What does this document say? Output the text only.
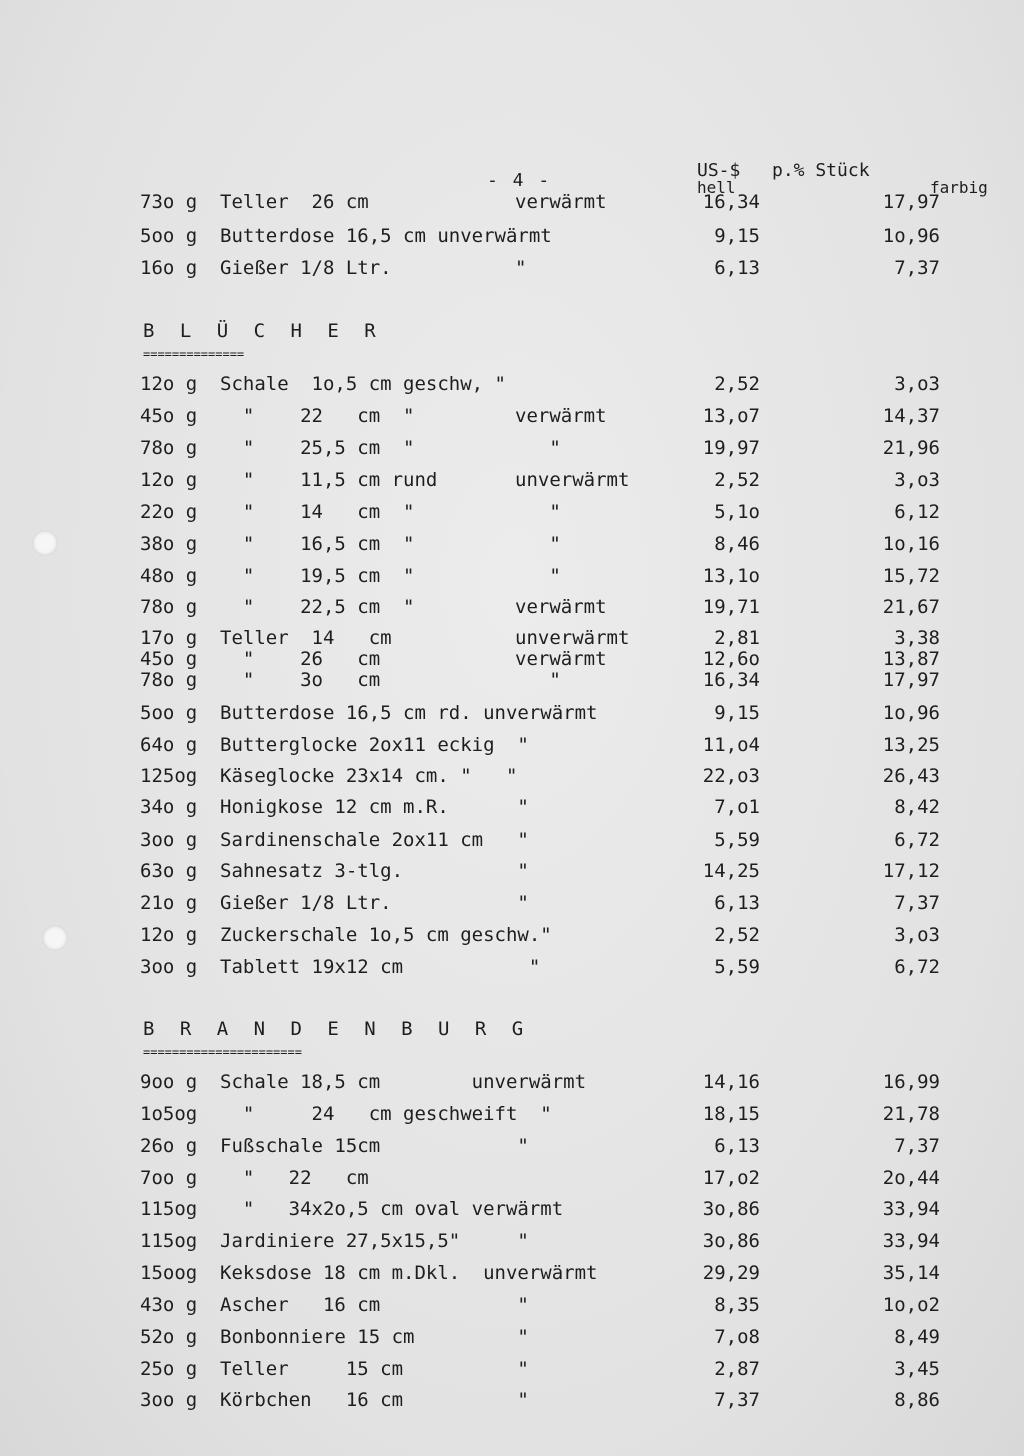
- 4 -	US-$ p.% Stück
hell	farbig
73o g Teller  26 cm	verwärmt	16,34	17,97
5oo g Butterdose 16,5 cm unverwärmt	9,15	1o,96
16o g Gießer 1/8 Ltr.	"	6,13	7,37
B L Ü C H E R
==============
12o g Schale  1o,5 cm geschw, "	2,52	3,o3
45o g "    22   cm  "	verwärmt	13,o7	14,37
78o g "    25,5 cm  "	"	19,97	21,96
12o g "    11,5 cm rund	unverwärmt	2,52	3,o3
22o g "    14   cm  "	"	5,1o	6,12
38o g "    16,5 cm  "	"	8,46	1o,16
48o g "    19,5 cm  "	"	13,1o	15,72
78o g "    22,5 cm  "	verwärmt	19,71	21,67
17o g Teller  14   cm	unverwärmt	2,81	3,38
45o g "    26   cm	verwärmt	12,6o	13,87
78o g "    3o   cm	"	16,34	17,97
5oo g Butterdose 16,5 cm rd. unverwärmt	9,15	1o,96
64o g Butterglocke 2ox11 eckig  "	11,o4	13,25
125og Käseglocke 23x14 cm. "   "	22,o3	26,43
34o g Honigkose 12 cm m.R.      "	7,o1	8,42
3oo g Sardinenschale 2ox11 cm   "	5,59	6,72
63o g Sahnesatz 3-tlg.          "	14,25	17,12
21o g Gießer 1/8 Ltr.           "	6,13	7,37
12o g Zuckerschale 1o,5 cm geschw."	2,52	3,o3
3oo g Tablett 19x12 cm           "	5,59	6,72
B R A N D E N B U R G
======================
9oo g Schale 18,5 cm        unverwärmt	14,16	16,99
1o5og "     24   cm geschweift  "	18,15	21,78
26o g Fußschale 15cm            "	6,13	7,37
7oo g "   22   cm	17,o2	2o,44
115og "   34x2o,5 cm oval verwärmt	3o,86	33,94
115og Jardiniere 27,5x15,5"     "	3o,86	33,94
15oog Keksdose 18 cm m.Dkl.  unverwärmt	29,29	35,14
43o g Ascher   16 cm            "	8,35	1o,o2
52o g Bonbonniere 15 cm         "	7,o8	8,49
25o g Teller     15 cm          "	2,87	3,45
3oo g Körbchen   16 cm          "	7,37	8,86
